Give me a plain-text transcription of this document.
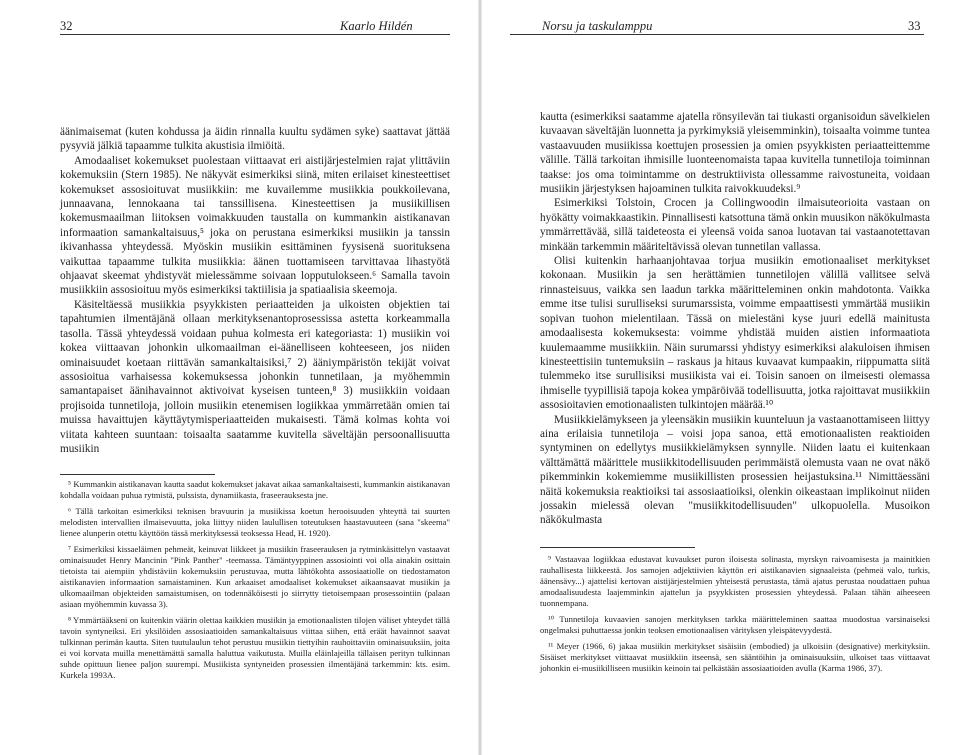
32	Kaarlo Hildén

äänimaisemat (kuten kohdussa ja äidin rinnalla kuultu sydämen syke) saattavat jättää pysyviä jälkiä tapaamme tulkita akustisia ilmiöitä.

Amodaaliset kokemukset puolestaan viittaavat eri aistijärjestelmien rajat ylittäviin kokemuksiin (Stern 1985). Ne näkyvät esimerkiksi siinä, miten erilaiset kinesteettiset kokemukset assosioituvat musiikkiin: me kuvailemme musiikkia poukkoilevana, junnaavana, lennokaana tai tanssillisena. Kinesteettisen ja musiikillisen kokemusmaailman liitoksen voimakkuuden taustalla on kummankin aistikanavan informaation samankaltaisuus,⁵ joka on perustana esimerkiksi musiikin ja tanssin ikivanhassa yhteydessä. Myöskin musiikin esittäminen fyysisenä suorituksena vaikuttaa tapaamme tulkita musiikkia: äänen tuottamiseen tarvittavaa lihastyötä ohjaavat skeemat yhdistyvät mielessämme soivaan lopputulokseen.⁶ Samalla tavoin musiikkiin assosioituu myös esimerkiksi taktiilisia ja spatiaalisia skeemoja.

Käsiteltäessä musiikkia psyykkisten periaatteiden ja ulkoisten objektien tai tapahtumien ilmentäjänä ollaan merkityksenantoprosessissa astetta korkeammalla tasolla. Tässä yhteydessä voidaan puhua kolmesta eri kategoriasta: 1) musiikin voi kokea viittaavan johonkin ulkomaailman ei-äänelliseen kohteeseen, jos niiden ominaisuudet koetaan riittävän samankaltaisiksi,⁷ 2) ääniympäristön tekijät voivat assosioitua varhaisessa kokemuksessa johonkin tunnetilaan, ja myöhemmin samantapaiset äänihavainnot aktivoivat kyseisen tunteen,⁸ 3) musiikkiin voidaan projisoida tunnetiloja, jolloin musiikin etenemisen logiikkaa ymmärretään omien tai muissa havaittujen käyttäytymisperiaatteiden mukaisesti. Tämä kolmas kohta voi viitata kahteen suuntaan: toisaalta saatamme kuvitella säveltäjän persoonallisuutta musiikin

⁵ Kummankin aistikanavan kautta saadut kokemukset jakavat aikaa samankaltaisesti, kummankin aistikanavan kohdalla voidaan puhua rytmistä, pulssista, dynamiikasta, fraseerauksesta jne.

⁶ Tällä tarkoitan esimerkiksi teknisen bravuurin ja musiikissa koetun herooisuuden yhteyttä tai suurten melodisten intervallien ilmaisevuutta, joka liittyy niiden laulullisen toteutuksen haastavuuteen (sana "skeema" lienee alunperin otettu käyttöön tässä merkityksessä teoksessa Head, H. 1920).

⁷ Esimerkiksi kissaeläimen pehmeät, keinuvat liikkeet ja musiikin fraseerauksen ja rytminkäsittelyn vastaavat ominaisuudet Henry Mancinin "Pink Panther" -teemassa. Tämäntyyppinen assosiointi voi olla ainakin osittain tietoista tai aiempiin yhdistäviin kokemuksiin perustuvaa, mutta lähtökohta assosiaatiolle on tiedostamaton aistikanavien informaation samaistaminen. Kun arkaaiset amodaaliset kokemukset aikaansaavat musiikin ja ulkomaailman objekteiden samaistumisen, on todennäköisesti jo siirrytty tietoisempaan prosessointiin (palaan asiaan myöhemmin kuvassa 3).

⁸ Ymmärtääkseni on kuitenkin väärin olettaa kaikkien musiikin ja emotionaalisten tilojen väliset yhteydet tällä tavoin syntyneiksi. Eri yksilöiden assosiaatioiden samankaltaisuus viittaa siihen, että eräät havainnot saavat tulkinnan perimän kautta. Siten tuutulaulun tehot perustuu musiikin tiettyihin rauhoittaviin ominaisuuksiin, joita ei voi korvata muilla menettämättä samalla haluttua vaikutusta. Muilla eläinlajeilla tällaisen perityn tulkinnan suhde opittuun lienee paljon suurempi. Musiikista syntyneiden prosessien ilmentäjänä tarkemmin: kts. esim. Kurkela 1993A.

Norsu ja taskulamppu	33

kautta (esimerkiksi saatamme ajatella rönsyilevän tai tiukasti organisoidun sävelkielen kuvaavan säveltäjän luonnetta ja pyrkimyksiä yleisemminkin), toisaalta voimme tuntea vastaavuuden musiikissa koettujen prosessien ja omien psyykkisten periaatteittemme välille. Tällä tarkoitan ihmisille luonteenomaista tapaa kuvitella tunnetiloja toiminnan taakse: jos oma toimintamme on destruktiivista ollessamme raivostuneita, voidaan musiikin järjestyksen hajoaminen tulkita raivokkuudeksi.⁹

Esimerkiksi Tolstoin, Crocen ja Collingwoodin ilmaisuteorioita vastaan on hyökätty voimakkaastikin. Pinnallisesti katsottuna tämä onkin muusikon näkökulmasta ymmärrettävää, sillä taideteosta ei yleensä voida sanoa luotavan tai vastaanotettavan minkään tarkemmin määriteltävissä olevan tunnetilan vallassa.

Olisi kuitenkin harhaanjohtavaa torjua musiikin emotionaaliset merkitykset kokonaan. Musiikin ja sen herättämien tunnetilojen välillä vallitsee selvä rinnasteisuus, vaikka sen laadun tarkka määritteleminen onkin mahdotonta. Vaikka emme itse tulisi surulliseksi surumarssista, voimme empaattisesti ymmärtää musiikin sopivan tuohon mielentilaan. Tässä on mielestäni kyse juuri edellä mainitusta amodaalisesta kokemuksesta: voimme yhdistää muiden aistien informaatiota kuulemaamme musiikkiin. Näin surumarssi yhdistyy esimerkiksi alakuloisen ihmisen kinesteettisiin tuntemuksiin – raskaus ja hitaus kuvaavat kumpaakin, riippumatta siitä tulemmeko itse surullisiksi musiikista vai ei. Toisin sanoen on ilmeisesti olemassa ihmiselle tyypillisiä tapoja kokea ympäröivää todellisuutta, jotka rajoittavat musiikkiin assosioitavien emotionaalisten tulkintojen määrää.¹⁰

Musiikkielämykseen ja yleensäkin musiikin kuunteluun ja vastaanottamiseen liittyy aina erilaisia tunnetiloja – voisi jopa sanoa, että emotionaalisten reaktioiden syntyminen on edellytys musiikkielämyksen synnylle. Niiden laatu ei kuitenkaan välttämättä määrittele musiikkitodellisuuden perimmäistä olemusta vaan ne ovat näkö pikemminkin kokemiemme musiikillisten prosessien heijastuksina.¹¹ Nimittäessäni näitä kokemuksia reaktioiksi tai assosiaatioiksi, olenkin oikeastaan implikoinut niiden jossakin mielessä olevan "musiikkitodellisuuden" ulkopuolella. Musoikon näkökulmasta

⁹ Vastaavaa logiikkaa edustavat kuvaukset puron iloisesta solinasta, myrskyn raivoamisesta ja mainitkien rauhallisesta liikkeestä. Jos samojen adjektiivien käyttön eri aistikanavien signaaleista (pehmeä valo, turkis, äänensävy...) ajattelisi kertovan aistijärjestelmien yhteisestä perustasta, tämä ajatus perustaa noudattaen puhua amodaalisuudesta laajemminkin ajattelun ja psyykkisten prosessien yhteydessä. Palaan tähän aiheeseen tuonnempana.

¹⁰ Tunnetiloja kuvaavien sanojen merkityksen tarkka määritteleminen saattaa muodostua varsinaiseksi ongelmaksi puhuttaessa jonkin teoksen emotionaalisen värityksen yleispätevyydestä.

¹¹ Meyer (1966, 6) jakaa musiikin merkitykset sisäisiin (embodied) ja ulkoisiin (designative) merkityksiin. Sisäiset merkitykset viittaavat musiikkiin itseensä, sen sääntöihin ja ominaisuuksiin, ulkoiset taas viittaavat johonkin ei-musiikilliseen musiikin keinoin tai pelkästään assosiaatioiden avulla (Karma 1986, 37).
